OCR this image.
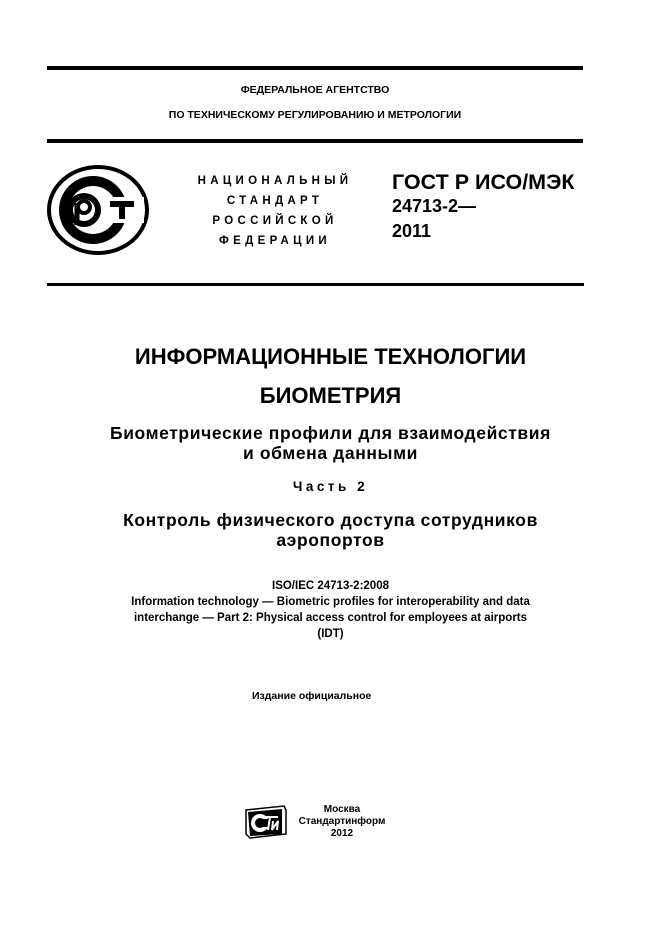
ФЕДЕРАЛЬНОЕ АГЕНТСТВО
ПО ТЕХНИЧЕСКОМУ РЕГУЛИРОВАНИЮ И МЕТРОЛОГИИ
НАЦИОНАЛЬНЫЙ
СТАНДАРТ
РОССИЙСКОЙ
ФЕДЕРАЦИИ
ГОСТ Р ИСО/МЭК
24713-2—
2011
ИНФОРМАЦИОННЫЕ ТЕХНОЛОГИИ
БИОМЕТРИЯ
Биометрические профили для взаимодействия
и обмена данными
Часть 2
Контроль физического доступа сотрудников
аэропортов
ISO/IEC 24713-2:2008
Information technology — Biometric profiles for interoperability and data
interchange — Part 2: Physical access control for employees at airports
(IDT)
Издание официальное
Москва
Стандартинформ
2012
